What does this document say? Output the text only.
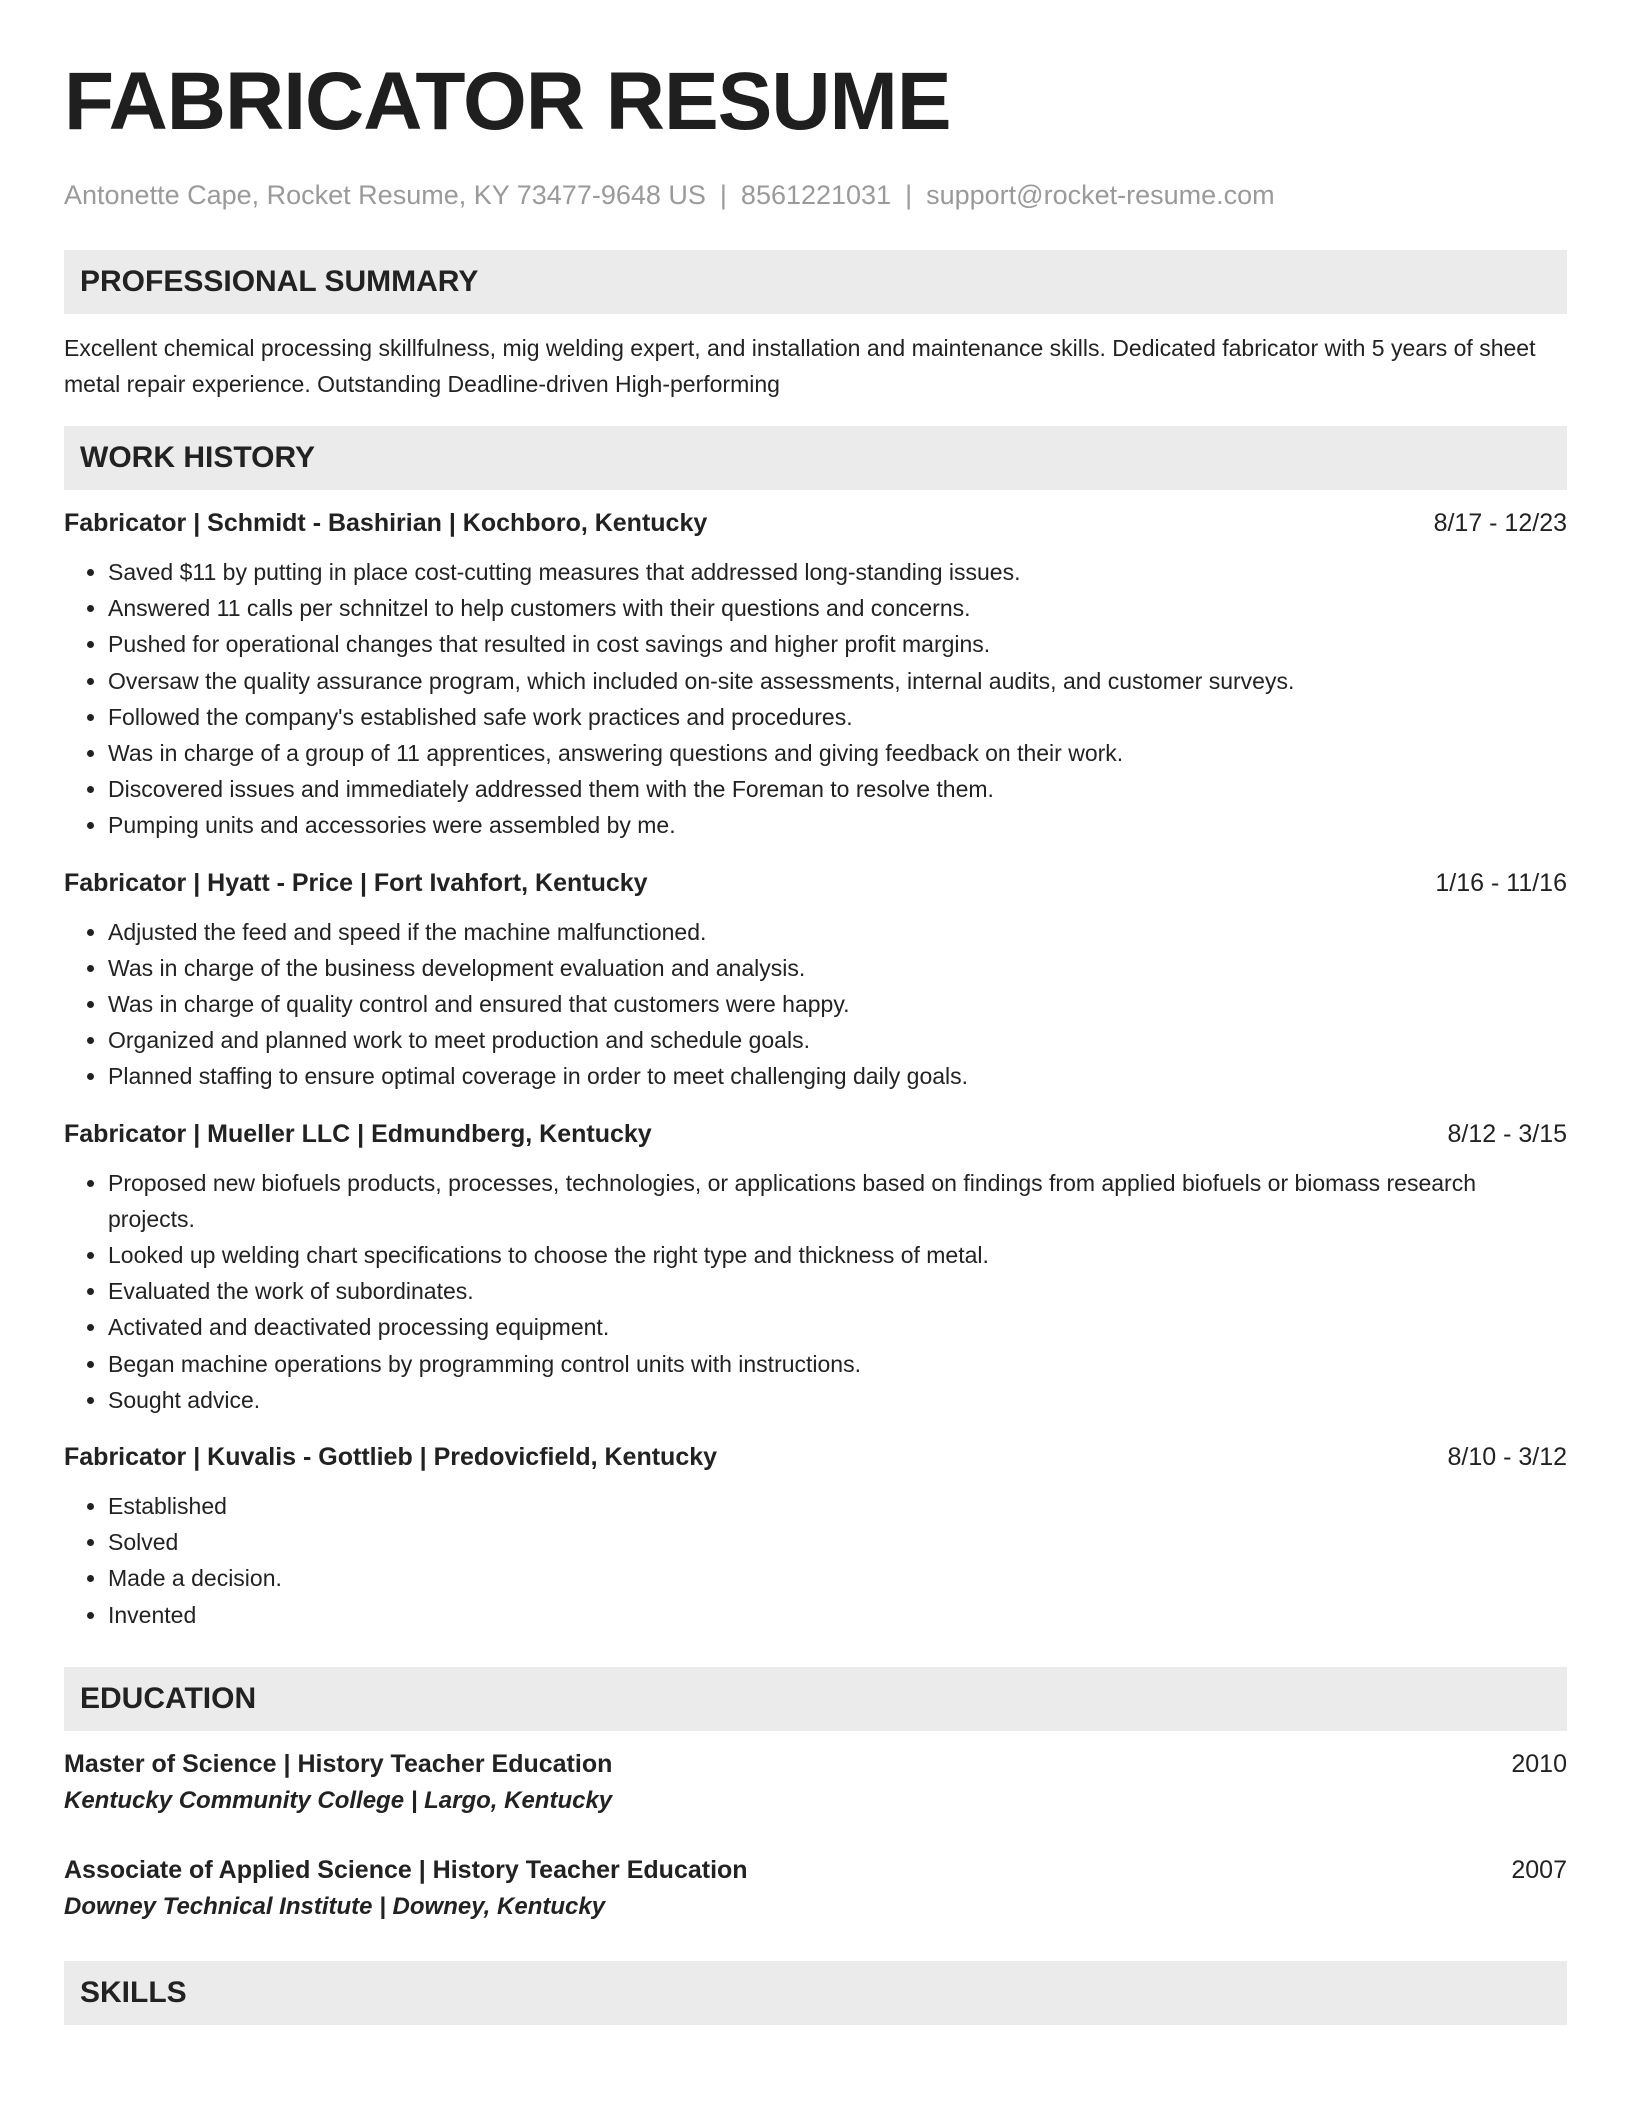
FABRICATOR RESUME
Antonette Cape, Rocket Resume, KY 73477-9648 US | 8561221031 | support@rocket-resume.com
PROFESSIONAL SUMMARY
Excellent chemical processing skillfulness, mig welding expert, and installation and maintenance skills. Dedicated fabricator with 5 years of sheet metal repair experience. Outstanding Deadline-driven High-performing
WORK HISTORY
Fabricator | Schmidt - Bashirian | Kochboro, Kentucky	8/17 - 12/23
• Saved $11 by putting in place cost-cutting measures that addressed long-standing issues.
• Answered 11 calls per schnitzel to help customers with their questions and concerns.
• Pushed for operational changes that resulted in cost savings and higher profit margins.
• Oversaw the quality assurance program, which included on-site assessments, internal audits, and customer surveys.
• Followed the company's established safe work practices and procedures.
• Was in charge of a group of 11 apprentices, answering questions and giving feedback on their work.
• Discovered issues and immediately addressed them with the Foreman to resolve them.
• Pumping units and accessories were assembled by me.
Fabricator | Hyatt - Price | Fort Ivahfort, Kentucky	1/16 - 11/16
• Adjusted the feed and speed if the machine malfunctioned.
• Was in charge of the business development evaluation and analysis.
• Was in charge of quality control and ensured that customers were happy.
• Organized and planned work to meet production and schedule goals.
• Planned staffing to ensure optimal coverage in order to meet challenging daily goals.
Fabricator | Mueller LLC | Edmundberg, Kentucky	8/12 - 3/15
• Proposed new biofuels products, processes, technologies, or applications based on findings from applied biofuels or biomass research projects.
• Looked up welding chart specifications to choose the right type and thickness of metal.
• Evaluated the work of subordinates.
• Activated and deactivated processing equipment.
• Began machine operations by programming control units with instructions.
• Sought advice.
Fabricator | Kuvalis - Gottlieb | Predovicfield, Kentucky	8/10 - 3/12
• Established
• Solved
• Made a decision.
• Invented
EDUCATION
Master of Science | History Teacher Education	2010
Kentucky Community College | Largo, Kentucky
Associate of Applied Science | History Teacher Education	2007
Downey Technical Institute | Downey, Kentucky
SKILLS
